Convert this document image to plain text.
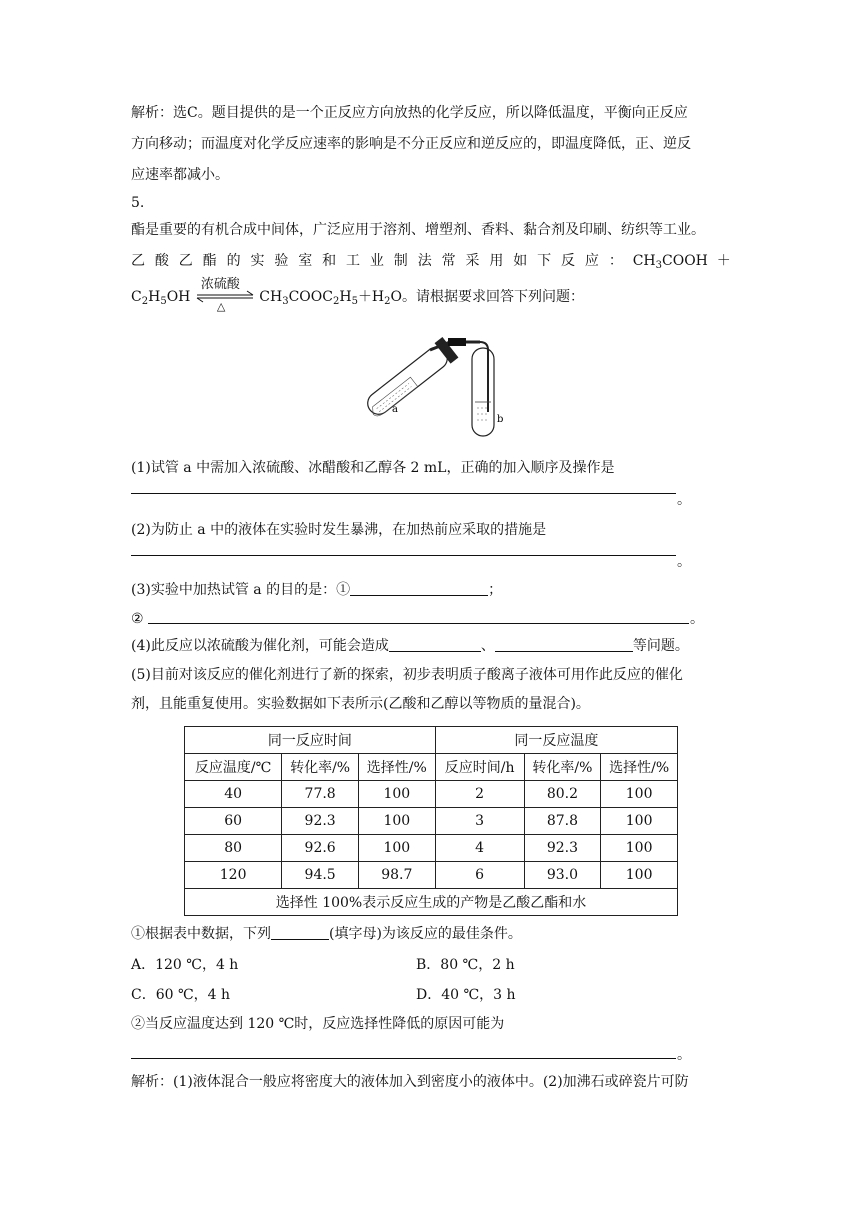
解析：选C。题目提供的是一个正反应方向放热的化学反应，所以降低温度，平衡向正反应
方向移动；而温度对化学反应速率的影响是不分正反应和逆反应的，即温度降低，正、逆反
应速率都减小。
5.
酯是重要的有机合成中间体，广泛应用于溶剂、增塑剂、香料、黏合剂及印刷、纺织等工业。
乙 酸 乙 酯 的 实 验 室 和 工 业 制 法 常 采 用 如 下 反 应 ： $CH_3COOH$  ＋
$C_2H_5OH$
浓硫酸
△
$CH_3COOC_2H_5+H_2O$。请根据要求回答下列问题：
a
b
(1)试管 a 中需加入浓硫酸、冰醋酸和乙醇各 2 mL，正确的加入顺序及操作是
。
(2)为防止 a 中的液体在实验时发生暴沸，在加热前应采取的措施是
。
(3)实验中加热试管 a 的目的是：①	；
②	。
(4)此反应以浓硫酸为催化剂，可能会造成	、	等问题。
(5)目前对该反应的催化剂进行了新的探索，初步表明质子酸离子液体可用作此反应的催化
剂，且能重复使用。实验数据如下表所示(乙酸和乙醇以等物质的量混合)。
同一反应时间			同一反应温度		
反应温度/℃	转化率/%	选择性/%	反应时间/h	转化率/%	选择性/%
40	77.8	100	2	80.2	100
60	92.3	100	3	87.8	100
80	92.6	100	4	92.3	100
120	94.5	98.7	6	93.0	100
选择性 100%表示反应生成的产物是乙酸乙酯和水					
①根据表中数据，下列	(填字母)为该反应的最佳条件。
A．120 ℃，4 h	B．80 ℃，2 h
C．60 ℃，4 h	D．40 ℃，3 h
②当反应温度达到 120 ℃时，反应选择性降低的原因可能为
。
解析：(1)液体混合一般应将密度大的液体加入到密度小的液体中。(2)加沸石或碎瓷片可防
